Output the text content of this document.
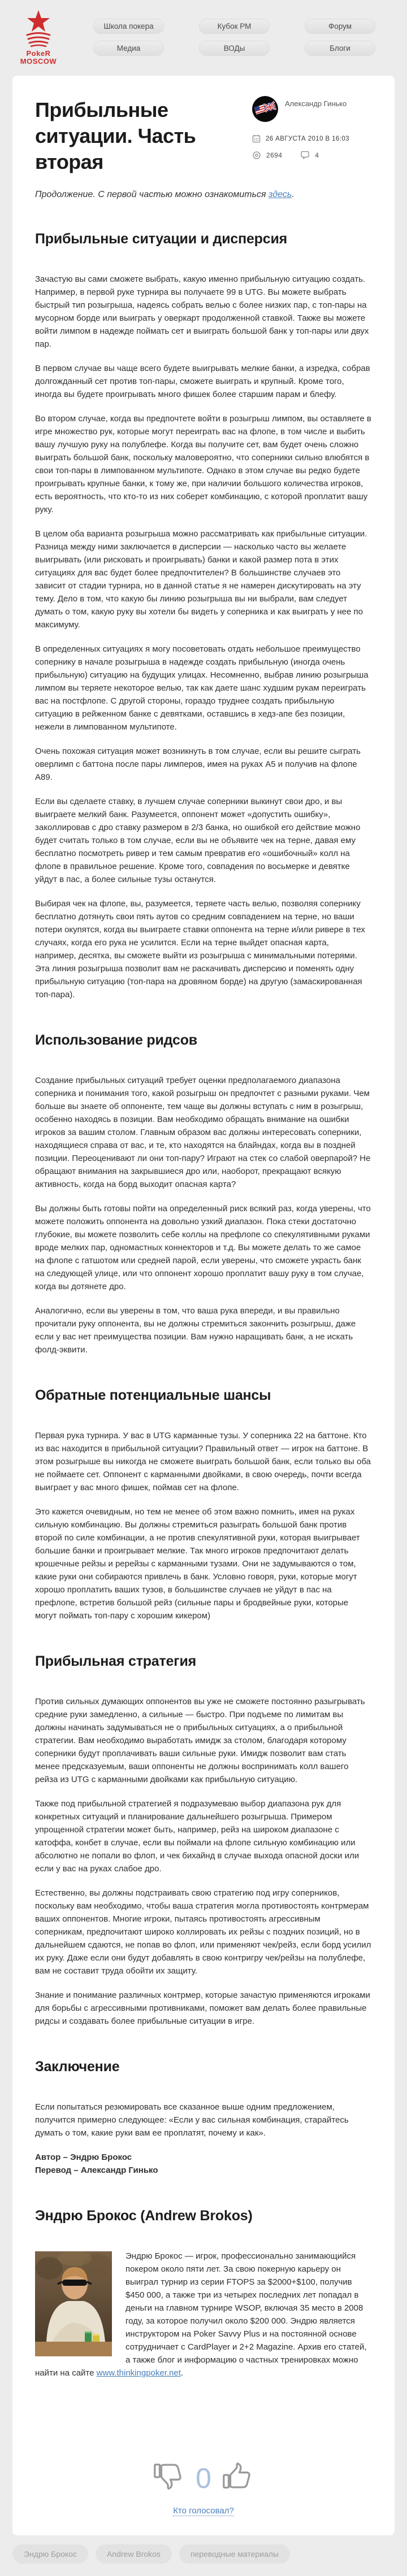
PokeR
MOSCOW
Школа покера	Кубок РМ	Форум
Медиа	ВОДы	Блоги
Прибыльные ситуации. Часть вторая
Александр Гинько
26 АВГУСТА 2010 В 16:03
2694	4

Продолжение. С первой частью можно ознакомиться здесь.

Прибыльные ситуации и дисперсия

Зачастую вы сами сможете выбрать, какую именно прибыльную ситуацию создать. Например, в первой руке турнира вы получаете 99 в UTG. Вы можете выбрать быстрый тип розыгрыша, надеясь собрать велью с более низких пар, с топ-пары на мусорном борде или выиграть у оверкарт продолженной ставкой. Также вы можете войти лимпом в надежде поймать сет и выиграть большой банк у топ-пары или двух пар.

В первом случае вы чаще всего будете выигрывать мелкие банки, а изредка, собрав долгожданный сет против топ-пары, сможете выиграть и крупный. Кроме того, иногда вы будете проигрывать много фишек более старшим парам и блефу.

Во втором случае, когда вы предпочтете войти в розыгрыш лимпом, вы оставляете в игре множество рук, которые могут переиграть вас на флопе, в том числе и выбить вашу лучшую руку на полублефе. Когда вы получите сет, вам будет очень сложно выиграть большой банк, поскольку маловероятно, что соперники сильно влюбятся в свои топ-пары в лимпованном мультипоте. Однако в этом случае вы редко будете проигрывать крупные банки, к тому же, при наличии большого количества игроков, есть вероятность, что кто-то из них соберет комбинацию, с которой проплатит вашу руку.

В целом оба варианта розыгрыша можно рассматривать как прибыльные ситуации. Разница между ними заключается в дисперсии — насколько часто вы желаете выигрывать (или рисковать и проигрывать) банки и какой размер пота в этих ситуациях для вас будет более предпочтителен? В большинстве случаев это зависит от стадии турнира, но в данной статье я не намерен дискутировать на эту тему. Дело в том, что какую бы линию розыгрыша вы ни выбрали, вам следует думать о том, какую руку вы хотели бы видеть у соперника и как выиграть у нее по максимуму.

В определенных ситуациях я могу посоветовать отдать небольшое преимущество сопернику в начале розыгрыша в надежде создать прибыльную (иногда очень прибыльную) ситуацию на будущих улицах. Несомненно, выбрав линию розыгрыша лимпом вы теряете некоторое велью, так как даете шанс худшим рукам переиграть вас на постфлопе. С другой стороны, гораздо труднее создать прибыльную ситуацию в рейженном банке с девятками, оставшись в хедз-апе без позиции, нежели в лимпованном мультипоте.

Очень похожая ситуация может возникнуть в том случае, если вы решите сыграть оверлимп с баттона после пары лимперов, имея на руках A5 и получив на флопе A89.

Если вы сделаете ставку, в лучшем случае соперники выкинут свои дро, и вы выиграете мелкий банк. Разумеется, оппонент может «допустить ошибку», заколлировав с дро ставку размером в 2/3 банка, но ошибкой его действие можно будет считать только в том случае, если вы не объявите чек на терне, давая ему бесплатно посмотреть ривер и тем самым превратив его «ошибочный» колл на флопе в правильное решение. Кроме того, совпадения по восьмерке и девятке уйдут в пас, а более сильные тузы останутся.

Выбирая чек на флопе, вы, разумеется, теряете часть велью, позволяя сопернику бесплатно дотянуть свои пять аутов со средним совпадением на терне, но ваши потери окупятся, когда вы выиграете ставки оппонента на терне и/или ривере в тех случаях, когда его рука не усилится. Если на терне выйдет опасная карта, например, десятка, вы сможете выйти из розыгрыша с минимальными потерями. Эта линия розыгрыша позволит вам не раскачивать дисперсию и поменять одну прибыльную ситуацию (топ-пара на дровяном борде) на другую (замаскированная топ-пара).

Использование ридсов

Создание прибыльных ситуаций требует оценки предполагаемого диапазона соперника и понимания того, какой розыгрыш он предпочтет с разными руками. Чем больше вы знаете об оппоненте, тем чаще вы должны вступать с ним в розыгрыш, особенно находясь в позиции. Вам необходимо обращать внимание на ошибки игроков за вашим столом. Главным образом вас должны интересовать соперники, находящиеся справа от вас, и те, кто находятся на блайндах, когда вы в поздней позиции. Переоценивают ли они топ-пару? Играют на стек со слабой оверпарой? Не обращают внимания на закрывшиеся дро или, наоборот, прекращают всякую активность, когда на борд выходит опасная карта?

Вы должны быть готовы пойти на определенный риск всякий раз, когда уверены, что можете положить оппонента на довольно узкий диапазон. Пока стеки достаточно глубокие, вы можете позволить себе коллы на префлопе со спекулятивными руками вроде мелких пар, одномастных коннекторов и т.д. Вы можете делать то же самое на флопе с гатшотом или средней парой, если уверены, что сможете украсть банк на следующей улице, или что оппонент хорошо проплатит вашу руку в том случае, когда вы дотянете дро.

Аналогично, если вы уверены в том, что ваша рука впереди, и вы правильно прочитали руку оппонента, вы не должны стремиться закончить розыгрыш, даже если у вас нет преимущества позиции. Вам нужно наращивать банк, а не искать фолд-эквити.

Обратные потенциальные шансы

Первая рука турнира. У вас в UTG карманные тузы. У соперника 22 на баттоне. Кто из вас находится в прибыльной ситуации? Правильный ответ — игрок на баттоне. В этом розыгрыше вы никогда не сможете выиграть большой банк, если только вы оба не поймаете сет. Оппонент с карманными двойками, в свою очередь, почти всегда выиграет у вас много фишек, поймав сет на флопе.

Это кажется очевидным, но тем не менее об этом важно помнить, имея на руках сильную комбинацию. Вы должны стремиться разыграть большой банк против второй по силе комбинации, а не против спекулятивной руки, которая выигрывает большие банки и проигрывает мелкие. Так много игроков предпочитают делать крошечные рейзы и ререйзы с карманными тузами. Они не задумываются о том, какие руки они собираются привлечь в банк. Условно говоря, руки, которые могут хорошо проплатить ваших тузов, в большинстве случаев не уйдут в пас на префлопе, встретив большой рейз (сильные пары и бродвейные руки, которые могут поймать топ-пару с хорошим кикером)

Прибыльная стратегия

Против сильных думающих оппонентов вы уже не сможете постоянно разыгрывать средние руки замедленно, а сильные — быстро. При подъеме по лимитам вы должны начинать задумываться не о прибыльных ситуациях, а о прибыльной стратегии. Вам необходимо выработать имидж за столом, благодаря которому соперники будут проплачивать ваши сильные руки. Имидж позволит вам стать менее предсказуемым, ваши оппоненты не должны воспринимать колл вашего рейза из UTG с карманными двойками как прибыльную ситуацию.

Также под прибыльной стратегией я подразумеваю выбор диапазона рук для конкретных ситуаций и планирование дальнейшего розыгрыша. Примером упрощенной стратегии может быть, например, рейз на широком диапазоне с катоффа, конбет в случае, если вы поймали на флопе сильную комбинацию или абсолютно не попали во флоп, и чек бихайнд в случае выхода опасной доски или если у вас на руках слабое дро.

Естественно, вы должны подстраивать свою стратегию под игру соперников, поскольку вам необходимо, чтобы ваша стратегия могла противостоять контрмерам ваших оппонентов. Многие игроки, пытаясь противостоять агрессивным соперникам, предпочитают широко коллировать их рейзы с поздних позиций, но в дальнейшем сдаются, не попав во флоп, или применяют чек/рейз, если борд усилил их руку. Даже если они будут добавлять в свою контригру чек/рейзы на полублефе, вам не составит труда обойти их защиту.

Знание и понимание различных контрмер, которые зачастую применяются игроками для борьбы с агрессивными противниками, поможет вам делать более правильные ридсы и создавать более прибыльные ситуации в игре.

Заключение

Если попытаться резюмировать все сказанное выше одним предложением, получится примерно следующее: «Если у вас сильная комбинация, старайтесь думать о том, какие руки вам ее проплатят, почему и как».

Автор – Эндрю Брокос
Перевод – Александр Гинько

Эндрю Брокос (Andrew Brokos)

Эндрю Брокос — игрок, профессионально занимающийся покером около пяти лет. За свою покерную карьеру он выиграл турнир из серии FTOPS за $2000+$100, получив $450 000, а также три из четырех последних лет попадал в деньги на главном турнире WSOP, включая 35 место в 2008 году, за которое получил около $200 000. Эндрю является инструктором на Poker Savvy Plus и на постоянной основе сотрудничает с CardPlayer и 2+2 Magazine. Архив его статей, а также блог и информацию о частных тренировках можно найти на сайте www.thinkingpoker.net.

0
Кто голосовал?
Эндрю Брокос	Andrew Brokos	переводные материалы
